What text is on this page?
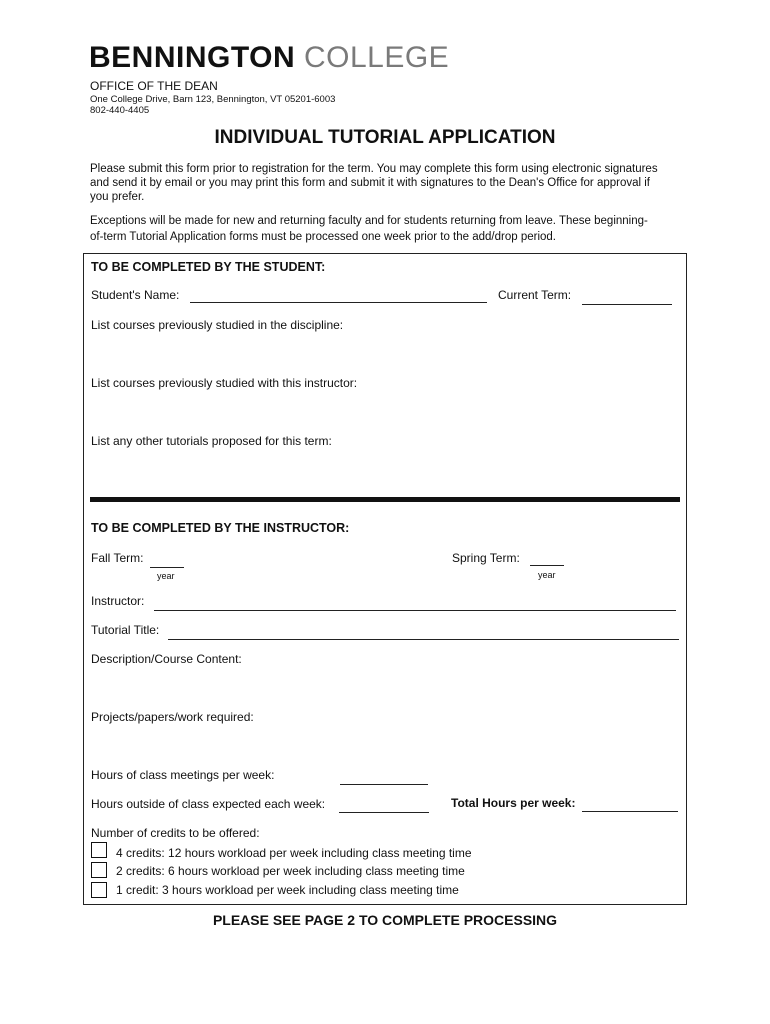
BENNINGTON COLLEGE
OFFICE OF THE DEAN
One College Drive, Barn 123, Bennington, VT 05201-6003
802-440-4405
INDIVIDUAL TUTORIAL APPLICATION
Please submit this form prior to registration for the term. You may complete this form using electronic signatures
and send it by email or you may print this form and submit it with signatures to the Dean's Office for approval if
you prefer.
Exceptions will be made for new and returning faculty and for students returning from leave. These beginning-
of-term Tutorial Application forms must be processed one week prior to the add/drop period.
TO BE COMPLETED BY THE STUDENT:
Student's Name:	Current Term:
List courses previously studied in the discipline:
List courses previously studied with this instructor:
List any other tutorials proposed for this term:
TO BE COMPLETED BY THE INSTRUCTOR:
Fall Term:
year
Spring Term:
year
Instructor:
Tutorial Title:
Description/Course Content:
Projects/papers/work required:
Hours of class meetings per week:
Hours outside of class expected each week:	Total Hours per week:
Number of credits to be offered:
4 credits: 12 hours workload per week including class meeting time
2 credits: 6 hours workload per week including class meeting time
1 credit: 3 hours workload per week including class meeting time
PLEASE SEE PAGE 2 TO COMPLETE PROCESSING
